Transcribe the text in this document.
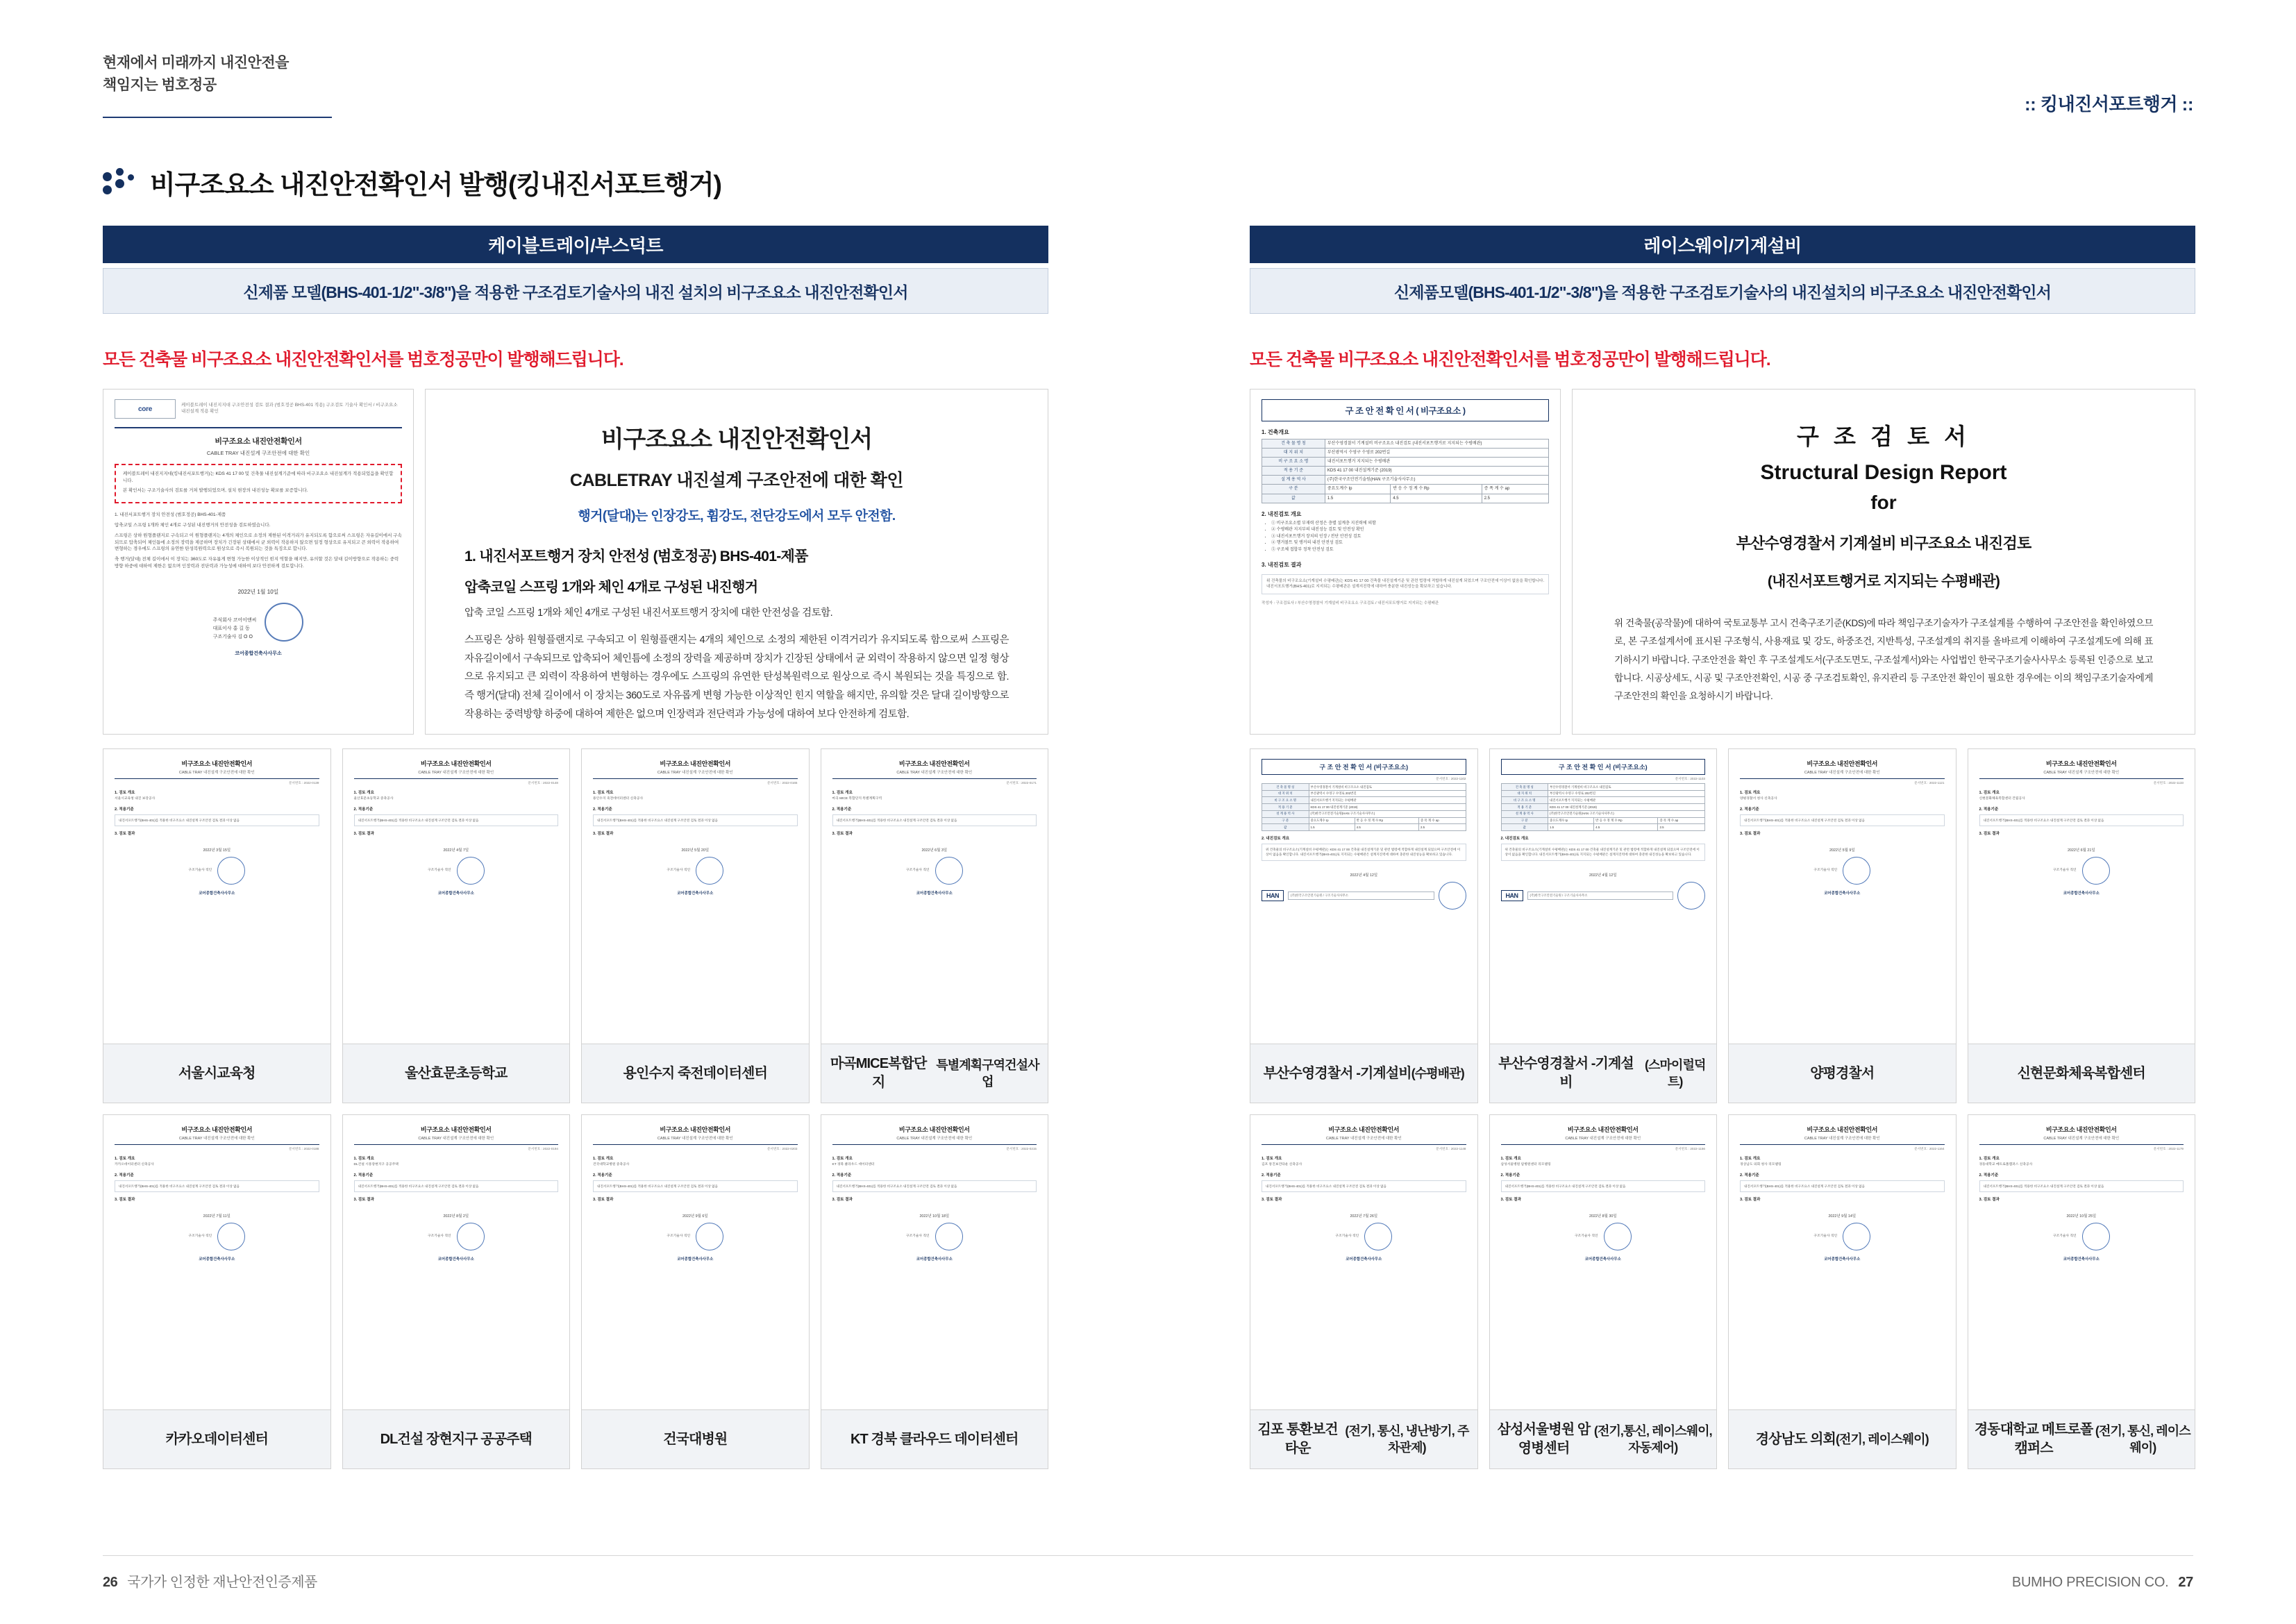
현재에서 미래까지 내진안전을
책임지는 범호정공
:: 킹내진서포트행거 ::
비구조요소 내진안전확인서 발행(킹내진서포트행거)
케이블트레이/부스덕트
신제품 모델(BHS-401-1/2"-3/8")을 적용한 구조검토기술사의 내진 설치의 비구조요소 내진안전확인서
모든 건축물 비구조요소 내진안전확인서를 범호정공만이 발행해드립니다.
core	케이블트레이 내진지지대 구조안전성 검토 결과 (범호정공 BHS-401 적용) 구조검토 기술사 확인서 / 비구조요소 내진설계 적용 확인
비구조요소 내진안전확인서
CABLE TRAY 내진설계 구조안전에 대한 확인

케이블트레이 내진지지대(킹내진서포트행거)는 KDS 41 17 00 및 건축물 내진설계기준에 따라 비구조요소 내진설계가 적용되었음을 확인합니다.

본 확인서는 구조기술사의 검토를 거쳐 발행되었으며, 설치 현장의 내진성능 확보를 보증합니다.

1. 내진서포트행거 장치 안전성 (범호정공) BHS-401-제품

압축코일 스프링 1개와 체인 4개로 구성된 내진행거의 안전성을 검토하였습니다.

스프링은 상하 원형플랜지로 구속되고 이 원형플랜지는 4개의 체인으로 소정의 제한된 이격거리가 유지되도록 함으로써 스프링은 자유길이에서 구속되므로 압축되어 체인틈에 소정의 장력을 제공하며 장치가 긴장된 상태에서 균 외력이 작용하지 않으면 일정 형상으로 유지되고 큰 외력이 작용하여 변형하는 경우에도 스프링의 유연한 탄성복원력으로 원상으로 즉시 복원되는 것을 특징으로 합니다.

축 행거(달대) 전체 길이에서 이 장치는 360도로 자유롭게 변형 가능한 이상적인 힌지 역할을 해지만, 유의할 것은 달대 길이방향으로 작용하는 중력방향 하중에 대하여 제한은 없으며 인장력과 전단력과 가능성에 대하여 보다 안전하게 검토합니다.

2022년 1월 10일
주식회사 코어이앤씨
대표이사 홍 길 동
구조기술사 김 O O
코어종합건축사사무소
비구조요소 내진안전확인서
CABLETRAY 내진설계 구조안전에 대한 확인

행거(달대)는 인장강도, 휨강도, 전단강도에서 모두 안전함.

1. 내진서포트행거 장치 안전성 (범호정공) BHS-401-제품
압축코일 스프링 1개와 체인 4개로 구성된 내진행거

압축 코일 스프링 1개와 체인 4개로 구성된 내진서포트행거 장치에 대한 안전성을 검토함.

스프링은 상하 원형플랜지로 구속되고 이 원형플랜지는 4개의 체인으로 소정의 제한된 이격거리가 유지되도록 함으로써 스프링은 자유길이에서 구속되므로 압축되어 체인틈에 소정의 장력을 제공하며 장치가 긴장된 상태에서 균 외력이 작용하지 않으면 일정 형상으로 유지되고 큰 외력이 작용하여 변형하는 경우에도 스프링의 유연한 탄성복원력으로 원상으로 즉시 복원되는 것을 특징으로 함. 즉 행거(달대) 전체 길이에서 이 장치는 360도로 자유롭게 변형 가능한 이상적인 힌지 역할을 해지만, 유의할 것은 달대 길이방향으로 작용하는 중력방향 하중에 대하여 제한은 없으며 인장력과 전단력과 가능성에 대하여 보다 안전하게 검토함.

비구조요소 내진안전확인서
CABLE TRAY 내진설계 구조안전에 대한 확인
문서번호 : 2022-0139
1. 검토 개요
서울시교육청 내진 보강공사
2. 적용기준
내진서포트행거(BHS-401)를 적용한 비구조요소 내진설계 구조안전 검토 결과 이상 없음
3. 검토 결과
2022년 3월 15일
구조기술사 직인
코어종합건축사사무소
서울시교육청
비구조요소 내진안전확인서
CABLE TRAY 내진설계 구조안전에 대한 확인
문서번호 : 2022-0148
1. 검토 개요
울산효문초등학교 증축공사
2. 적용기준
내진서포트행거(BHS-401)를 적용한 비구조요소 내진설계 구조안전 검토 결과 이상 없음
3. 검토 결과
2022년 4월 7일
구조기술사 직인
코어종합건축사사무소
울산효문초등학교
비구조요소 내진안전확인서
CABLE TRAY 내진설계 구조안전에 대한 확인
문서번호 : 2022-0165
1. 검토 개요
용인수지 죽전데이터센터 신축공사
2. 적용기준
내진서포트행거(BHS-401)를 적용한 비구조요소 내진설계 구조안전 검토 결과 이상 없음
3. 검토 결과
2022년 5월 20일
구조기술사 직인
코어종합건축사사무소
용인수지 죽전데이터센터
비구조요소 내진안전확인서
CABLE TRAY 내진설계 구조안전에 대한 확인
문서번호 : 2022-0171
1. 검토 개요
마곡 MICE 복합단지 특별계획구역
2. 적용기준
내진서포트행거(BHS-401)를 적용한 비구조요소 내진설계 구조안전 검토 결과 이상 없음
3. 검토 결과
2022년 6월 3일
구조기술사 직인
코어종합건축사사무소
마곡MICE복합단지
특별계획구역건설사업
비구조요소 내진안전확인서
CABLE TRAY 내진설계 구조안전에 대한 확인
문서번호 : 2022-0188
1. 검토 개요
카카오데이터센터 신축공사
2. 적용기준
내진서포트행거(BHS-401)를 적용한 비구조요소 내진설계 구조안전 검토 결과 이상 없음
3. 검토 결과
2022년 7월 11일
구조기술사 직인
코어종합건축사사무소
카카오데이터센터
비구조요소 내진안전확인서
CABLE TRAY 내진설계 구조안전에 대한 확인
문서번호 : 2022-0194
1. 검토 개요
DL건설 시흥장현지구 공공주택
2. 적용기준
내진서포트행거(BHS-401)를 적용한 비구조요소 내진설계 구조안전 검토 결과 이상 없음
3. 검토 결과
2022년 8월 2일
구조기술사 직인
코어종합건축사사무소
DL건설 장현지구 공공주택
비구조요소 내진안전확인서
CABLE TRAY 내진설계 구조안전에 대한 확인
문서번호 : 2022-0203
1. 검토 개요
건국대학교병원 증축공사
2. 적용기준
내진서포트행거(BHS-401)를 적용한 비구조요소 내진설계 구조안전 검토 결과 이상 없음
3. 검토 결과
2022년 9월 6일
구조기술사 직인
코어종합건축사사무소
건국대병원
비구조요소 내진안전확인서
CABLE TRAY 내진설계 구조안전에 대한 확인
문서번호 : 2022-0215
1. 검토 개요
KT 경북 클라우드 데이터센터
2. 적용기준
내진서포트행거(BHS-401)를 적용한 비구조요소 내진설계 구조안전 검토 결과 이상 없음
3. 검토 결과
2022년 10월 18일
구조기술사 직인
코어종합건축사사무소
KT 경북 클라우드 데이터센터
레이스웨이/기계설비
신제품모델(BHS-401-1/2"-3/8")을 적용한 구조검토기술사의 내진설치의 비구조요소 내진안전확인서
모든 건축물 비구조요소 내진안전확인서를 범호정공만이 발행해드립니다.
구 조 안 전 확 인 서 ( 비구조요소 )
1. 건축개요
건 축 물 명 칭	부산수영경찰서 기계설비 비구조요소 내진검토 (내진서포트행거로 지지되는 수평배관)		
대 지 위 치	부산광역시 수영구 수영로 202번길		
비 구 조 요 소 명	내진서포트행거 지지되는 수평배관		
적 용 기 준	KDS 41 17 00 내진설계기준 (2019)		
설 계 용 역 사	(주)한국구조안전기술원(HAN 구조기술사사무소)		
구 분	중요도계수 Ip	반 응 수 정 계 수 Rp	증 폭 계 수 ap
값	1.5	4.5	2.5
2. 내진검토 개요
• ① 비구조요소별 부재력 산정은 층별 설계층 지진력에 의함
• ② 수평배관 지지부의 내진성능 검토 및 안전성 확인
• ③ 내진서포트행거 장치의 인장 / 전단 안전성 검토
• ④ 행거볼트 및 앵커의 내진 안전성 검토
• ⑤ 구조체 접합부 정착 안전성 검토
3. 내진검토 결과
위 건축물의 비구조요소(기계설비 수평배관)는 KDS 41 17 00 건축물 내진설계기준 및 관련 법령에 적합하게 내진설계 되었으며 구조안전에 이상이 없음을 확인합니다. 내진서포트행거(BHS-401)로 지지되는 수평배관은 설계지진력에 대하여 충분한 내진성능을 확보하고 있습니다.
작성자 : 구조검토사 / 부산수영경찰서 기계설비 비구조요소 구조검토 / 내진서포트행거로 지지되는 수평배관
구 조 검 토 서
Structural Design Report
for
부산수영경찰서 기계설비 비구조요소 내진검토
(내진서포트행거로 지지되는 수평배관)

위 건축물(공작물)에 대하여 국토교통부 고시 건축구조기준(KDS)에 따라 책임구조기술자가 구조설계를 수행하여 구조안전을 확인하였으므로, 본 구조설계서에 표시된 구조형식, 사용재료 및 강도, 하중조건, 지반특성, 구조설계의 취지를 올바르게 이해하여 구조설계도에 의해 표기하시기 바랍니다. 구조안전을 확인 후 구조설계도서(구조도면도, 구조설계서)와는 사업법인 한국구조기술사사무소 등록된 인증으로 보고합니다. 시공상세도, 시공 및 구조안전확인, 시공 중 구조검토확인, 유지관리 등 구조안전 확인이 필요한 경우에는 이의 책임구조기술자에게 구조안전의 확인을 요청하시기 바랍니다.

구 조 안 전 확 인 서 (비구조요소)
문서번호 : 2022-1102
건 축 물 명 칭	부산수영경찰서 기계설비 비구조요소 내진검토		
대 지 위 치	부산광역시 수영구 수영로 202번길		
비 구 조 요 소 명	내진서포트행거 지지되는 수평배관		
적 용 기 준	KDS 41 17 00 내진설계기준 (2019)		
설 계 용 역 사	(주)한국구조안전기술원(HAN 구조기술사사무소)		
구 분	중요도계수 Ip	반 응 수 정 계 수 Rp	증 폭 계 수 ap
값	1.5	4.5	2.5
2. 내진검토 개요
위 건축물의 비구조요소(기계설비 수평배관)는 KDS 41 17 00 건축물 내진설계기준 및 관련 법령에 적합하게 내진설계 되었으며 구조안전에 이상이 없음을 확인합니다. 내진서포트행거(BHS-401)로 지지되는 수평배관은 설계지진력에 대하여 충분한 내진성능을 확보하고 있습니다.
2022년 4월 12일
HAN	(주)한국구조안전기술원 / 구조기술사사무소
부산수영경찰서 -기계설비 (수평배관)
구 조 안 전 확 인 서 (비구조요소)
문서번호 : 2022-1103
건 축 물 명 칭	부산수영경찰서 기계설비 비구조요소 내진검토		
대 지 위 치	부산광역시 수영구 수영로 202번길		
비 구 조 요 소 명	내진서포트행거 지지되는 수평배관		
적 용 기 준	KDS 41 17 00 내진설계기준 (2019)		
설 계 용 역 사	(주)한국구조안전기술원(HAN 구조기술사사무소)		
구 분	중요도계수 Ip	반 응 수 정 계 수 Rp	증 폭 계 수 ap
값	1.5	4.5	2.5
2. 내진검토 개요
위 건축물의 비구조요소(기계설비 수평배관)는 KDS 41 17 00 건축물 내진설계기준 및 관련 법령에 적합하게 내진설계 되었으며 구조안전에 이상이 없음을 확인합니다. 내진서포트행거(BHS-401)로 지지되는 수평배관은 설계지진력에 대하여 충분한 내진성능을 확보하고 있습니다.
2022년 4월 12일
HAN	(주)한국구조안전기술원 / 구조기술사사무소
부산수영경찰서 -기계설비
(스마이럴덕트)
비구조요소 내진안전확인서
CABLE TRAY 내진설계 구조안전에 대한 확인
문서번호 : 2022-1121
1. 검토 개요
양평경찰서 청사 신축공사
2. 적용기준
내진서포트행거(BHS-401)를 적용한 비구조요소 내진설계 구조안전 검토 결과 이상 없음
3. 검토 결과
2022년 5월 9일
구조기술사 직인
코어종합건축사사무소
양평경찰서
비구조요소 내진안전확인서
CABLE TRAY 내진설계 구조안전에 대한 확인
문서번호 : 2022-1133
1. 검토 개요
신현문화체육복합센터 건립공사
2. 적용기준
내진서포트행거(BHS-401)를 적용한 비구조요소 내진설계 구조안전 검토 결과 이상 없음
3. 검토 결과
2022년 6월 21일
구조기술사 직인
코어종합건축사사무소
신현문화체육복합센터
비구조요소 내진안전확인서
CABLE TRAY 내진설계 구조안전에 대한 확인
문서번호 : 2022-1148
1. 검토 개요
김포 통진보건타운 신축공사
2. 적용기준
내진서포트행거(BHS-401)를 적용한 비구조요소 내진설계 구조안전 검토 결과 이상 없음
3. 검토 결과
2022년 7월 26일
구조기술사 직인
코어종합건축사사무소
김포 통환보건타운
(전기, 통신, 냉난방기, 주차관제)
비구조요소 내진안전확인서
CABLE TRAY 내진설계 구조안전에 대한 확인
문서번호 : 2022-1156
1. 검토 개요
삼성서울병원 암병원센터 리모델링
2. 적용기준
내진서포트행거(BHS-401)를 적용한 비구조요소 내진설계 구조안전 검토 결과 이상 없음
3. 검토 결과
2022년 8월 30일
구조기술사 직인
코어종합건축사사무소
삼성서울병원 암영병센터
(전기,통신, 레이스웨이, 자동제어)
비구조요소 내진안전확인서
CABLE TRAY 내진설계 구조안전에 대한 확인
문서번호 : 2022-1164
1. 검토 개요
경상남도 의회 청사 리모델링
2. 적용기준
내진서포트행거(BHS-401)를 적용한 비구조요소 내진설계 구조안전 검토 결과 이상 없음
3. 검토 결과
2022년 9월 14일
구조기술사 직인
코어종합건축사사무소
경상남도 의회 (전기, 레이스웨이)
비구조요소 내진안전확인서
CABLE TRAY 내진설계 구조안전에 대한 확인
문서번호 : 2022-1179
1. 검토 개요
경동대학교 메트로폴캠퍼스 신축공사
2. 적용기준
내진서포트행거(BHS-401)를 적용한 비구조요소 내진설계 구조안전 검토 결과 이상 없음
3. 검토 결과
2022년 10월 25일
구조기술사 직인
코어종합건축사사무소
경동대학교 메트로폴캠퍼스
(전기, 통신, 레이스웨이)
26 국가가 인정한 재난안전인증제품	BUMHO PRECISION CO. 27
